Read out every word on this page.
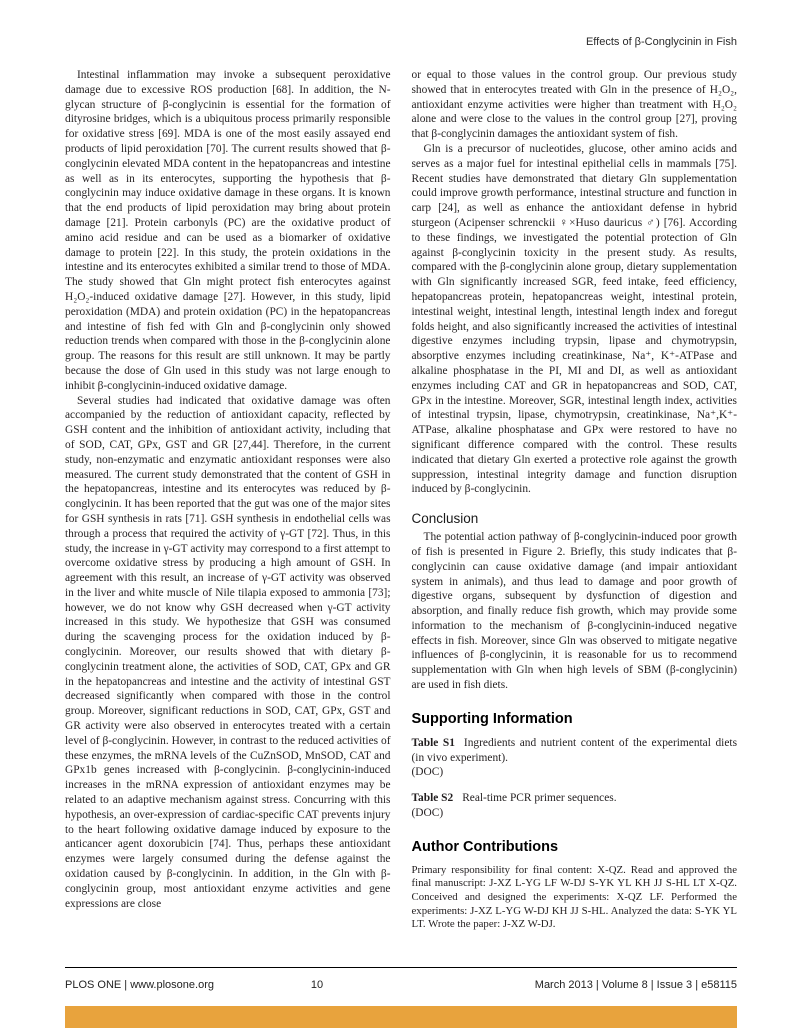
Effects of β-Conglycinin in Fish

Intestinal inflammation may invoke a subsequent peroxidative damage due to excessive ROS production [68]. In addition, the N-glycan structure of β-conglycinin is essential for the formation of dityrosine bridges, which is a ubiquitous process primarily responsible for oxidative stress [69]. MDA is one of the most easily assayed end products of lipid peroxidation [70]. The current results showed that β-conglycinin elevated MDA content in the hepatopancreas and intestine as well as in its enterocytes, supporting the hypothesis that β-conglycinin may induce oxidative damage in these organs. It is known that the end products of lipid peroxidation may bring about protein damage [21]. Protein carbonyls (PC) are the oxidative product of amino acid residue and can be used as a biomarker of oxidative damage to protein [22]. In this study, the protein oxidations in the intestine and its enterocytes exhibited a similar trend to those of MDA. The study showed that Gln might protect fish enterocytes against H₂O₂-induced oxidative damage [27]. However, in this study, lipid peroxidation (MDA) and protein oxidation (PC) in the hepatopancreas and intestine of fish fed with Gln and β-conglycinin only showed reduction trends when compared with those in the β-conglycinin alone group. The reasons for this result are still unknown. It may be partly because the dose of Gln used in this study was not large enough to inhibit β-conglycinin-induced oxidative damage.

Several studies had indicated that oxidative damage was often accompanied by the reduction of antioxidant capacity, reflected by GSH content and the inhibition of antioxidant activity, including that of SOD, CAT, GPx, GST and GR [27,44]. Therefore, in the current study, non-enzymatic and enzymatic antioxidant responses were also measured. The current study demonstrated that the content of GSH in the hepatopancreas, intestine and its enterocytes was reduced by β-conglycinin. It has been reported that the gut was one of the major sites for GSH synthesis in rats [71]. GSH synthesis in endothelial cells was through a process that required the activity of γ-GT [72]. Thus, in this study, the increase in γ-GT activity may correspond to a first attempt to overcome oxidative stress by producing a high amount of GSH. In agreement with this result, an increase of γ-GT activity was observed in the liver and white muscle of Nile tilapia exposed to ammonia [73]; however, we do not know why GSH decreased when γ-GT activity increased in this study. We hypothesize that GSH was consumed during the scavenging process for the oxidation induced by β-conglycinin. Moreover, our results showed that with dietary β-conglycinin treatment alone, the activities of SOD, CAT, GPx and GR in the hepatopancreas and intestine and the activity of intestinal GST decreased significantly when compared with those in the control group. Moreover, significant reductions in SOD, CAT, GPx, GST and GR activity were also observed in enterocytes treated with a certain level of β-conglycinin. However, in contrast to the reduced activities of these enzymes, the mRNA levels of the CuZnSOD, MnSOD, CAT and GPx1b genes increased with β-conglycinin. β-conglycinin-induced increases in the mRNA expression of antioxidant enzymes may be related to an adaptive mechanism against stress. Concurring with this hypothesis, an over-expression of cardiac-specific CAT prevents injury to the heart following oxidative damage induced by exposure to the anticancer agent doxorubicin [74]. Thus, perhaps these antioxidant enzymes were largely consumed during the defense against the oxidation caused by β-conglycinin. In addition, in the Gln with β-conglycinin group, most antioxidant enzyme activities and gene expressions are close

or equal to those values in the control group. Our previous study showed that in enterocytes treated with Gln in the presence of H₂O₂, antioxidant enzyme activities were higher than treatment with H₂O₂ alone and were close to the values in the control group [27], proving that β-conglycinin damages the antioxidant system of fish.

Gln is a precursor of nucleotides, glucose, other amino acids and serves as a major fuel for intestinal epithelial cells in mammals [75]. Recent studies have demonstrated that dietary Gln supplementation could improve growth performance, intestinal structure and function in carp [24], as well as enhance the antioxidant defense in hybrid sturgeon (Acipenser schrenckii ♀×Huso dauricus ♂) [76]. According to these findings, we investigated the potential protection of Gln against β-conglycinin toxicity in the present study. As results, compared with the β-conglycinin alone group, dietary supplementation with Gln significantly increased SGR, feed intake, feed efficiency, hepatopancreas protein, hepatopancreas weight, intestinal protein, intestinal weight, intestinal length, intestinal length index and foregut folds height, and also significantly increased the activities of intestinal digestive enzymes including trypsin, lipase and chymotrypsin, absorptive enzymes including creatinkinase, Na⁺, K⁺-ATPase and alkaline phosphatase in the PI, MI and DI, as well as antioxidant enzymes including CAT and GR in hepatopancreas and SOD, CAT, GPx in the intestine. Moreover, SGR, intestinal length index, activities of intestinal trypsin, lipase, chymotrypsin, creatinkinase, Na⁺,K⁺-ATPase, alkaline phosphatase and GPx were restored to have no significant difference compared with the control. These results indicated that dietary Gln exerted a protective role against the growth suppression, intestinal integrity damage and function disruption induced by β-conglycinin.

Conclusion

The potential action pathway of β-conglycinin-induced poor growth of fish is presented in Figure 2. Briefly, this study indicates that β-conglycinin can cause oxidative damage (and impair antioxidant system in animals), and thus lead to damage and poor growth of digestive organs, subsequent by dysfunction of digestion and absorption, and finally reduce fish growth, which may provide some information to the mechanism of β-conglycinin-induced negative effects in fish. Moreover, since Gln was observed to mitigate negative influences of β-conglycinin, it is reasonable for us to recommend supplementation with Gln when high levels of SBM (β-conglycinin) are used in fish diets.

Supporting Information

Table S1 Ingredients and nutrient content of the experimental diets (in vivo experiment).

(DOC)

Table S2 Real-time PCR primer sequences.

(DOC)

Author Contributions

Primary responsibility for final content: X-QZ. Read and approved the final manuscript: J-XZ L-YG LF W-DJ S-YK YL KH JJ S-HL LT X-QZ. Conceived and designed the experiments: X-QZ LF. Performed the experiments: J-XZ L-YG W-DJ KH JJ S-HL. Analyzed the data: S-YK YL LT. Wrote the paper: J-XZ W-DJ.

PLOS ONE | www.plosone.org	10	March 2013 | Volume 8 | Issue 3 | e58115
